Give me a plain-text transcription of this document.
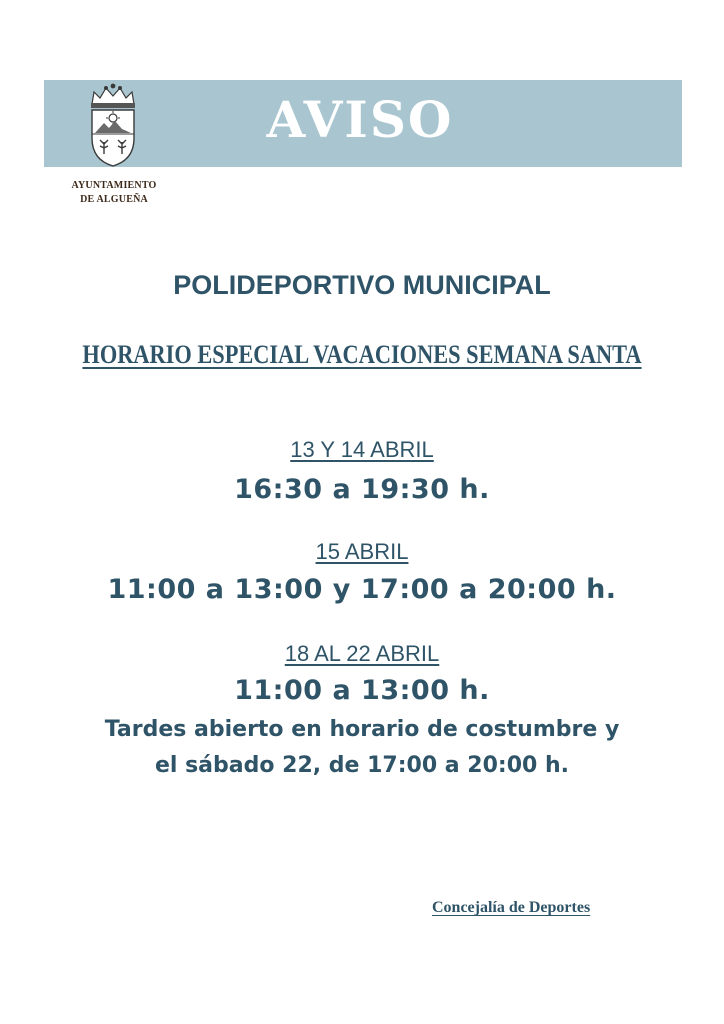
AVISO
AYUNTAMIENTO
DE ALGUEÑA
POLIDEPORTIVO MUNICIPAL
HORARIO ESPECIAL VACACIONES SEMANA SANTA
13 Y 14 ABRIL
16:30 a 19:30 h.
15 ABRIL
11:00 a 13:00 y 17:00 a 20:00 h.
18 AL 22 ABRIL
11:00 a 13:00 h.
Tardes abierto en horario de costumbre y
el sábado 22, de 17:00 a 20:00 h.
Concejalía de Deportes
